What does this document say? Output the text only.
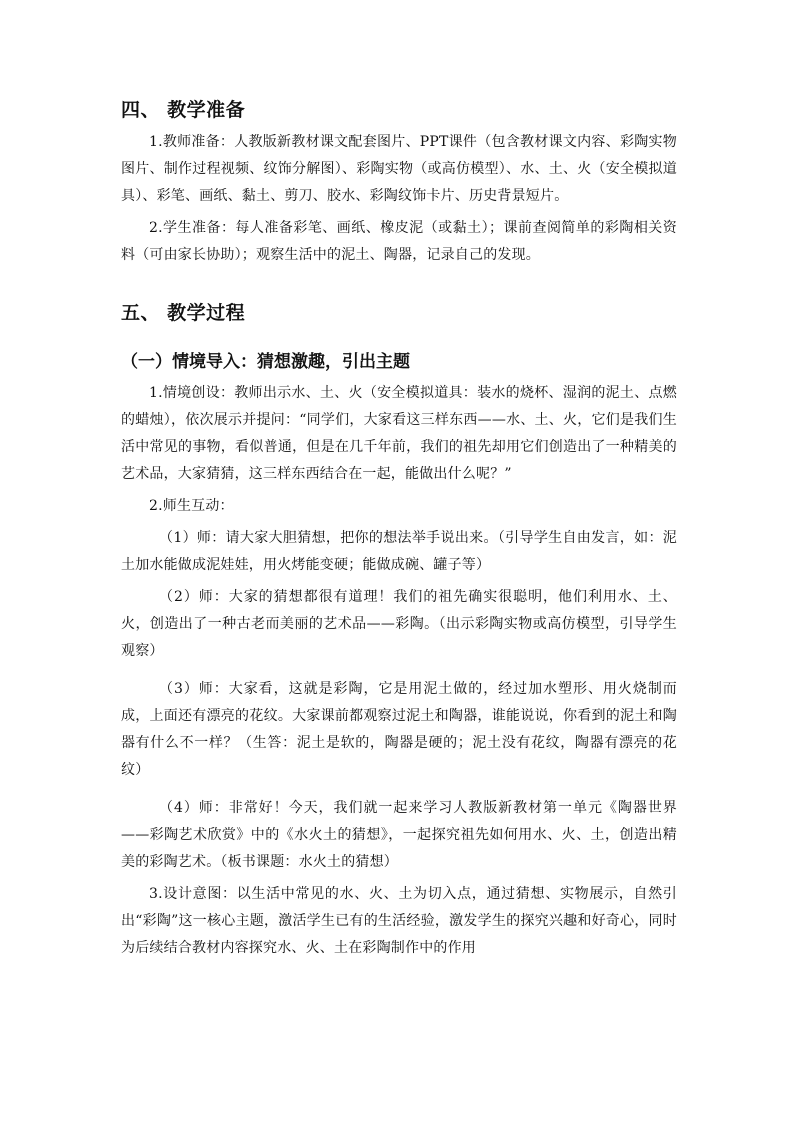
四、 教学准备

1.教师准备：人教版新教材课文配套图片、PPT课件（包含教材课文内容、彩陶实物图片、制作过程视频、纹饰分解图）、彩陶实物（或高仿模型）、水、土、火（安全模拟道具）、彩笔、画纸、黏土、剪刀、胶水、彩陶纹饰卡片、历史背景短片。

2.学生准备：每人准备彩笔、画纸、橡皮泥（或黏土）；课前查阅简单的彩陶相关资料（可由家长协助）；观察生活中的泥土、陶器，记录自己的发现。

五、 教学过程
（一）情境导入：猜想激趣，引出主题

1.情境创设：教师出示水、土、火（安全模拟道具：装水的烧杯、湿润的泥土、点燃的蜡烛），依次展示并提问：“同学们，大家看这三样东西——水、土、火，它们是我们生活中常见的事物，看似普通，但是在几千年前，我们的祖先却用它们创造出了一种精美的艺术品，大家猜猜，这三样东西结合在一起，能做出什么呢？”

2.师生互动：

（1）师：请大家大胆猜想，把你的想法举手说出来。（引导学生自由发言，如：泥土加水能做成泥娃娃，用火烤能变硬；能做成碗、罐子等）

（2）师：大家的猜想都很有道理！我们的祖先确实很聪明，他们利用水、土、火，创造出了一种古老而美丽的艺术品——彩陶。（出示彩陶实物或高仿模型，引导学生观察）

（3）师：大家看，这就是彩陶，它是用泥土做的，经过加水塑形、用火烧制而成，上面还有漂亮的花纹。大家课前都观察过泥土和陶器，谁能说说，你看到的泥土和陶器有什么不一样？（生答：泥土是软的，陶器是硬的；泥土没有花纹，陶器有漂亮的花纹）

（4）师：非常好！今天，我们就一起来学习人教版新教材第一单元《陶器世界——彩陶艺术欣赏》中的《水火土的猜想》，一起探究祖先如何用水、火、土，创造出精美的彩陶艺术。（板书课题：水火土的猜想）

3.设计意图：以生活中常见的水、火、土为切入点，通过猜想、实物展示，自然引出“彩陶”这一核心主题，激活学生已有的生活经验，激发学生的探究兴趣和好奇心，同时为后续结合教材内容探究水、火、土在彩陶制作中的作用
